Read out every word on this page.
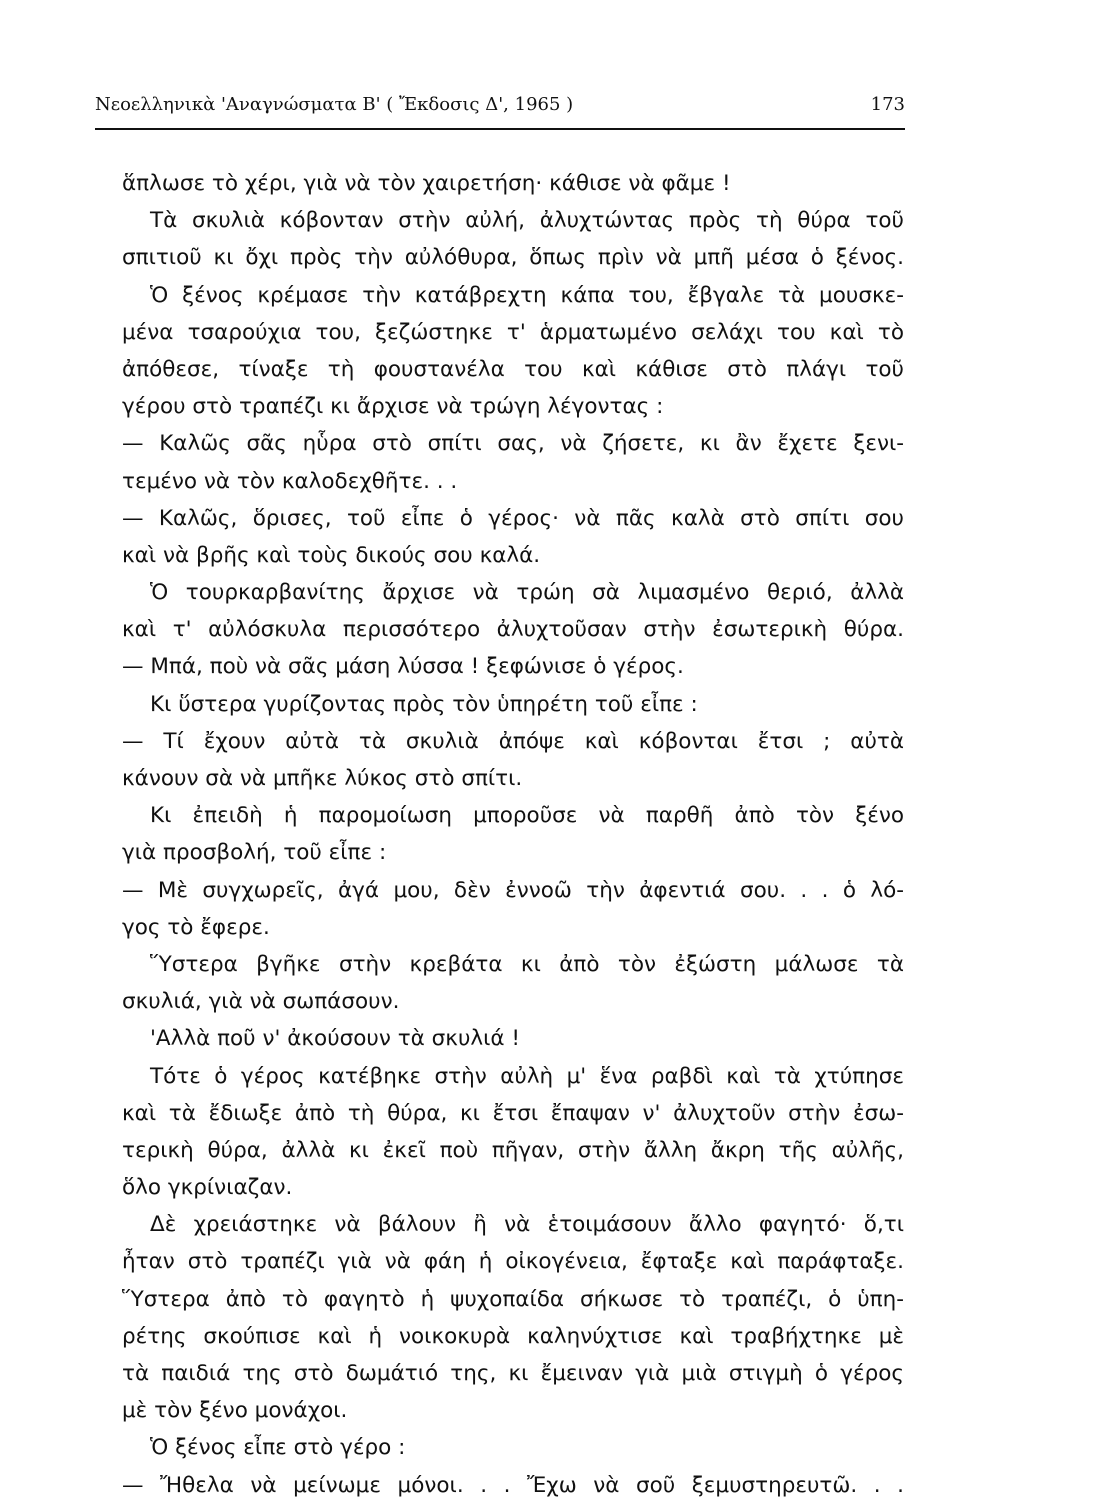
Νεοελληνικὰ 'Αναγνώσματα Β' ( Ἔκδοσις Δ', 1965 )	173
ἅπλωσε τὸ χέρι, γιὰ νὰ τὸν χαιρετήση· κάθισε νὰ φᾶμε !
Τὰ σκυλιὰ κόβονταν στὴν αὐλή, ἀλυχτώντας πρὸς τὴ θύρα τοῦ
σπιτιοῦ κι ὄχι πρὸς τὴν αὐλόθυρα, ὅπως πρὶν νὰ μπῆ μέσα ὁ ξένος.
Ὁ ξένος κρέμασε τὴν κατάβρεχτη κάπα του, ἔβγαλε τὰ μουσκε-
μένα τσαρούχια του, ξεζώστηκε τ' ἁρματωμένο σελάχι του καὶ τὸ
ἀπόθεσε, τίναξε τὴ φουστανέλα του καὶ κάθισε στὸ πλάγι τοῦ
γέρου στὸ τραπέζι κι ἄρχισε νὰ τρώγη λέγοντας :
— Καλῶς σᾶς ηὗρα στὸ σπίτι σας, νὰ ζήσετε, κι ἂν ἔχετε ξενι-
τεμένο νὰ τὸν καλοδεχθῆτε. . .
— Καλῶς, ὅρισες, τοῦ εἶπε ὁ γέρος· νὰ πᾶς καλὰ στὸ σπίτι σου
καὶ νὰ βρῆς καὶ τοὺς δικούς σου καλά.
Ὁ τουρκαρβανίτης ἄρχισε νὰ τρώη σὰ λιμασμένο θεριό, ἀλλὰ
καὶ τ' αὐλόσκυλα περισσότερο ἀλυχτοῦσαν στὴν ἐσωτερικὴ θύρα.
— Μπά, ποὺ νὰ σᾶς μάση λύσσα ! ξεφώνισε ὁ γέρος.
Κι ὕστερα γυρίζοντας πρὸς τὸν ὑπηρέτη τοῦ εἶπε :
— Τί ἔχουν αὐτὰ τὰ σκυλιὰ ἀπόψε καὶ κόβονται ἔτσι ; αὐτὰ
κάνουν σὰ νὰ μπῆκε λύκος στὸ σπίτι.
Κι ἐπειδὴ ἡ παρομοίωση μποροῦσε νὰ παρθῆ ἀπὸ τὸν ξένο
γιὰ προσβολή, τοῦ εἶπε :
— Μὲ συγχωρεῖς, ἀγά μου, δὲν ἐννοῶ τὴν ἀφεντιά σου. . . ὁ λό-
γος τὸ ἔφερε.
Ὕστερα βγῆκε στὴν κρεβάτα κι ἀπὸ τὸν ἐξώστη μάλωσε τὰ
σκυλιά, γιὰ νὰ σωπάσουν.
'Αλλὰ ποῦ ν' ἀκούσουν τὰ σκυλιά !
Τότε ὁ γέρος κατέβηκε στὴν αὐλὴ μ' ἕνα ραβδὶ καὶ τὰ χτύπησε
καὶ τὰ ἔδιωξε ἀπὸ τὴ θύρα, κι ἔτσι ἔπαψαν ν' ἀλυχτοῦν στὴν ἐσω-
τερικὴ θύρα, ἀλλὰ κι ἐκεῖ ποὺ πῆγαν, στὴν ἄλλη ἄκρη τῆς αὐλῆς,
ὅλο γκρίνιαζαν.
Δὲ χρειάστηκε νὰ βάλουν ἢ νὰ ἑτοιμάσουν ἄλλο φαγητό· ὅ,τι
ἦταν στὸ τραπέζι γιὰ νὰ φάη ἡ οἰκογένεια, ἔφταξε καὶ παράφταξε.
Ὕστερα ἀπὸ τὸ φαγητὸ ἡ ψυχοπαίδα σήκωσε τὸ τραπέζι, ὁ ὑπη-
ρέτης σκούπισε καὶ ἡ νοικοκυρὰ καληνύχτισε καὶ τραβήχτηκε μὲ
τὰ παιδιά της στὸ δωμάτιό της, κι ἔμειναν γιὰ μιὰ στιγμὴ ὁ γέρος
μὲ τὸν ξένο μονάχοι.
Ὁ ξένος εἶπε στὸ γέρο :
— Ἤθελα νὰ μείνωμε μόνοι. . . Ἔχω νὰ σοῦ ξεμυστηρευτῶ. . .
